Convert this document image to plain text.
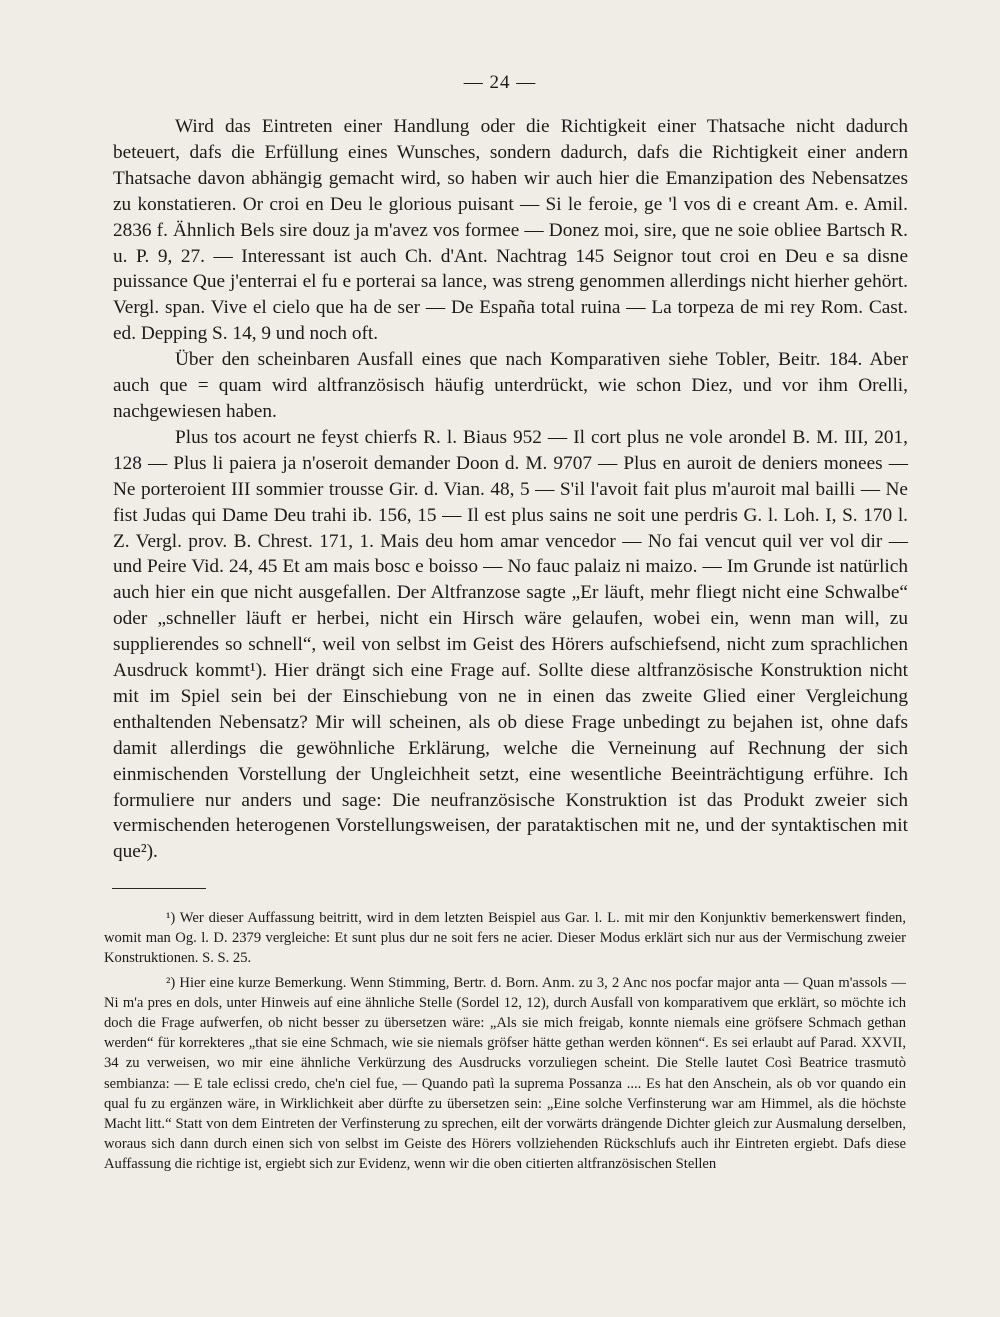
— 24 —

Wird das Eintreten einer Handlung oder die Richtigkeit einer Thatsache nicht dadurch beteuert, dafs die Erfüllung eines Wunsches, sondern dadurch, dafs die Richtigkeit einer andern Thatsache davon abhängig gemacht wird, so haben wir auch hier die Emanzipation des Nebensatzes zu konstatieren. Or croi en Deu le glorious puisant — Si le feroie, ge 'l vos di e creant Am. e. Amil. 2836 f. Ähnlich Bels sire douz ja m'avez vos formee — Donez moi, sire, que ne soie obliee Bartsch R. u. P. 9, 27. — Interessant ist auch Ch. d'Ant. Nachtrag 145 Seignor tout croi en Deu e sa disne puissance Que j'enterrai el fu e porterai sa lance, was streng genommen allerdings nicht hierher gehört. Vergl. span. Vive el cielo que ha de ser — De España total ruina — La torpeza de mi rey Rom. Cast. ed. Depping S. 14, 9 und noch oft.

Über den scheinbaren Ausfall eines que nach Komparativen siehe Tobler, Beitr. 184. Aber auch que = quam wird altfranzösisch häufig unterdrückt, wie schon Diez, und vor ihm Orelli, nachgewiesen haben.

Plus tos acourt ne feyst chierfs R. l. Biaus 952 — Il cort plus ne vole arondel B. M. III, 201, 128 — Plus li paiera ja n'oseroit demander Doon d. M. 9707 — Plus en auroit de deniers monees — Ne porteroient III sommier trousse Gir. d. Vian. 48, 5 — S'il l'avoit fait plus m'auroit mal bailli — Ne fist Judas qui Dame Deu trahi ib. 156, 15 — Il est plus sains ne soit une perdris G. l. Loh. I, S. 170 l. Z. Vergl. prov. B. Chrest. 171, 1. Mais deu hom amar vencedor — No fai vencut quil ver vol dir — und Peire Vid. 24, 45 Et am mais bosc e boisso — No fauc palaiz ni maizo. — Im Grunde ist natürlich auch hier ein que nicht ausgefallen. Der Altfranzose sagte „Er läuft, mehr fliegt nicht eine Schwalbe“ oder „schneller läuft er herbei, nicht ein Hirsch wäre gelaufen, wobei ein, wenn man will, zu supplierendes so schnell“, weil von selbst im Geist des Hörers aufschiefsend, nicht zum sprachlichen Ausdruck kommt¹). Hier drängt sich eine Frage auf. Sollte diese altfranzösische Konstruktion nicht mit im Spiel sein bei der Einschiebung von ne in einen das zweite Glied einer Vergleichung enthaltenden Nebensatz? Mir will scheinen, als ob diese Frage unbedingt zu bejahen ist, ohne dafs damit allerdings die gewöhnliche Erklärung, welche die Verneinung auf Rechnung der sich einmischenden Vorstellung der Ungleichheit setzt, eine wesentliche Beeinträchtigung erführe. Ich formuliere nur anders und sage: Die neufranzösische Konstruktion ist das Produkt zweier sich vermischenden heterogenen Vorstellungsweisen, der parataktischen mit ne, und der syntaktischen mit que²).

¹) Wer dieser Auffassung beitritt, wird in dem letzten Beispiel aus Gar. l. L. mit mir den Konjunktiv bemerkenswert finden, womit man Og. l. D. 2379 vergleiche: Et sunt plus dur ne soit fers ne acier. Dieser Modus erklärt sich nur aus der Vermischung zweier Konstruktionen. S. S. 25.

²) Hier eine kurze Bemerkung. Wenn Stimming, Bertr. d. Born. Anm. zu 3, 2 Anc nos pocfar major anta — Quan m'assols — Ni m'a pres en dols, unter Hinweis auf eine ähnliche Stelle (Sordel 12, 12), durch Ausfall von komparativem que erklärt, so möchte ich doch die Frage aufwerfen, ob nicht besser zu übersetzen wäre: „Als sie mich freigab, konnte niemals eine gröfsere Schmach gethan werden“ für korrekteres „that sie eine Schmach, wie sie niemals gröfser hätte gethan werden können“. Es sei erlaubt auf Parad. XXVII, 34 zu verweisen, wo mir eine ähnliche Verkürzung des Ausdrucks vorzuliegen scheint. Die Stelle lautet Così Beatrice trasmutò sembianza: — E tale eclissi credo, che'n ciel fue, — Quando patì la suprema Possanza .... Es hat den Anschein, als ob vor quando ein qual fu zu ergänzen wäre, in Wirklichkeit aber dürfte zu übersetzen sein: „Eine solche Verfinsterung war am Himmel, als die höchste Macht litt.“ Statt von dem Eintreten der Verfinsterung zu sprechen, eilt der vorwärts drängende Dichter gleich zur Ausmalung derselben, woraus sich dann durch einen sich von selbst im Geiste des Hörers vollziehenden Rückschlufs auch ihr Eintreten ergiebt. Dafs diese Auffassung die richtige ist, ergiebt sich zur Evidenz, wenn wir die oben citierten altfranzösischen Stellen
